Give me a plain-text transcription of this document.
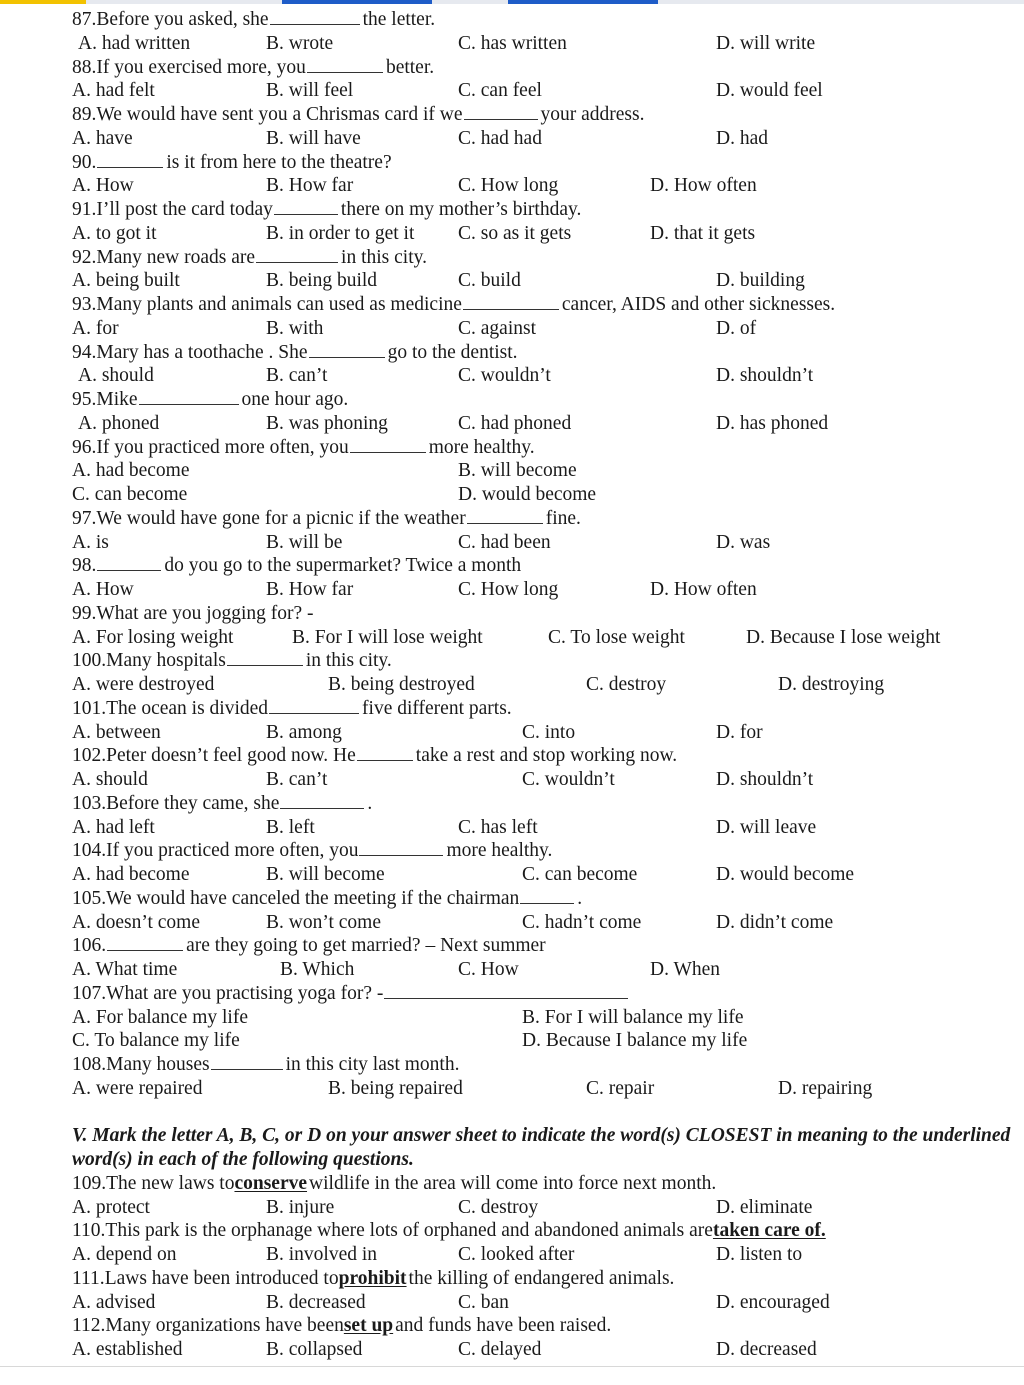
87. Before you asked, she	the letter.
A. had written	B. wrote	C. has written	D. will write
88. If you exercised more, you	better.
A. had felt	B. will feel	C. can feel	D. would feel
89. We would have sent you a Chrismas card if we	your address.
A. have	B. will have	C. had had	D. had
90.	is it from here to the theatre?
A. How	B. How far	C. How long	D. How often
91. I’ll post the card today	there on my mother’s birthday.
A. to got it	B. in order to get it C. so as it gets	D. that it gets
92. Many new roads are	in this city.
A. being built	B. being build	C. build	D. building
93. Many plants and animals can used as medicine	cancer, AIDS and other sicknesses.
A. for	B. with	C. against	D. of
94. Mary has a toothache . She	go to the dentist.
A. should	B. can’t	C. wouldn’t	D. shouldn’t
95. Mike	one hour ago.
A. phoned	B. was phoning	C. had phoned	D. has phoned
96. If you practiced more often, you	more healthy.
A. had become	B. will become
C. can become	D. would become
97. We would have gone for a picnic if the weather	fine.
A. is	B. will be	C. had been	D. was
98.	do you go to the supermarket? Twice a month
A. How	B. How far	C. How long	D. How often
99. What are you jogging for? -
A. For losing weight	B. For I will lose weight	C. To lose weight	D. Because I lose weight
100. Many hospitals	in this city.
A. were destroyed	B. being destroyed	C. destroy	D. destroying
101. The ocean is divided	five different parts.
A. between	B. among	C. into	D. for
102. Peter doesn’t feel good now. He	take a rest and stop working now.
A. should	B. can’t	C. wouldn’t	D. shouldn’t
103. Before they came, she	.
A. had left	B. left	C. has left	D. will leave
104. If you practiced more often, you	more healthy.
A. had become	B. will become	C. can become	D. would become
105. We would have canceled the meeting if the chairman	.
A. doesn’t come	B. won’t come	C. hadn’t come	D. didn’t come
106.	are they going to get married? – Next summer
A. What time	B. Which	C. How	D. When
107. What are you practising yoga for? -
A. For balance my life	B. For I will balance my life
C. To balance my life	D. Because I balance my life
108. Many houses	in this city last month.
A. were repaired	B. being repaired	C. repair	D. repairing
V. Mark the letter A, B, C, or D on your answer sheet to indicate the word(s) CLOSEST in meaning to the underlined word(s) in each of the following questions.
109. The new laws to conserve wildlife in the area will come into force next month.
A. protect	B. injure	C. destroy	D. eliminate
110. This park is the orphanage where lots of orphaned and abandoned animals are taken care of.
A. depend on	B. involved in	C. looked after	D. listen to
111. Laws have been introduced to prohibit the killing of endangered animals.
A. advised	B. decreased	C. ban	D. encouraged
112. Many organizations have been set up and funds have been raised.
A. established	B. collapsed	C. delayed	D. decreased
